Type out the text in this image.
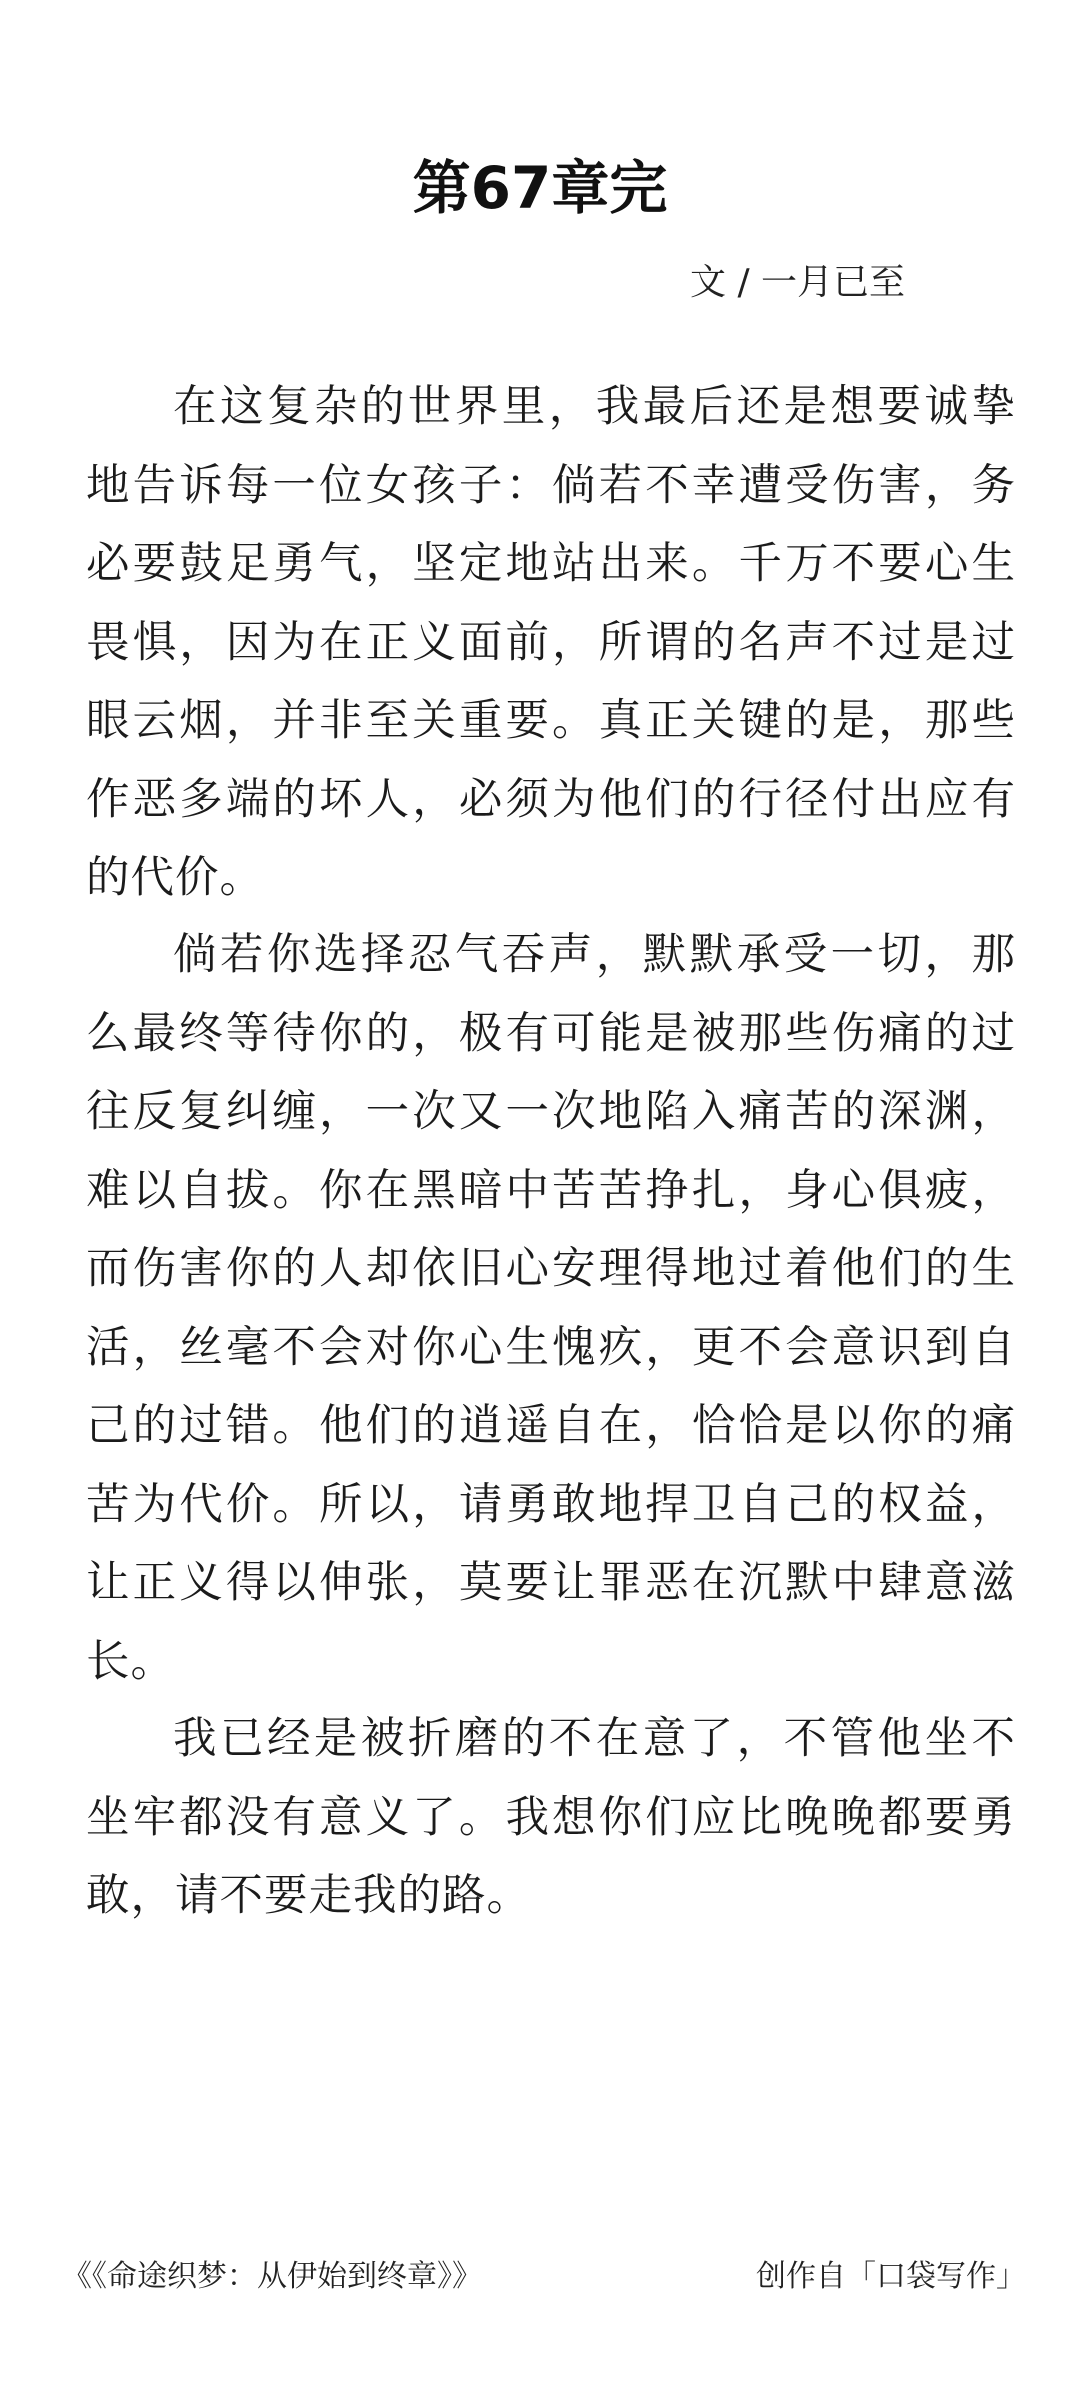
第67章完
文 / 一月已至

在这复杂的世界里，我最后还是想要诚挚地告诉每一位女孩子：倘若不幸遭受伤害，务必要鼓足勇气，坚定地站出来。千万不要心生畏惧，因为在正义面前，所谓的名声不过是过眼云烟，并非至关重要。真正关键的是，那些作恶多端的坏人，必须为他们的行径付出应有的代价。

倘若你选择忍气吞声，默默承受一切，那么最终等待你的，极有可能是被那些伤痛的过往反复纠缠，一次又一次地陷入痛苦的深渊，难以自拔。你在黑暗中苦苦挣扎，身心俱疲，而伤害你的人却依旧心安理得地过着他们的生活，丝毫不会对你心生愧疚，更不会意识到自己的过错。他们的逍遥自在，恰恰是以你的痛苦为代价。所以，请勇敢地捍卫自己的权益，让正义得以伸张，莫要让罪恶在沉默中肆意滋长。

我已经是被折磨的不在意了，不管他坐不坐牢都没有意义了。我想你们应比晚晚都要勇敢，请不要走我的路。

《《命途织梦：从伊始到终章》》	创作自「口袋写作」
